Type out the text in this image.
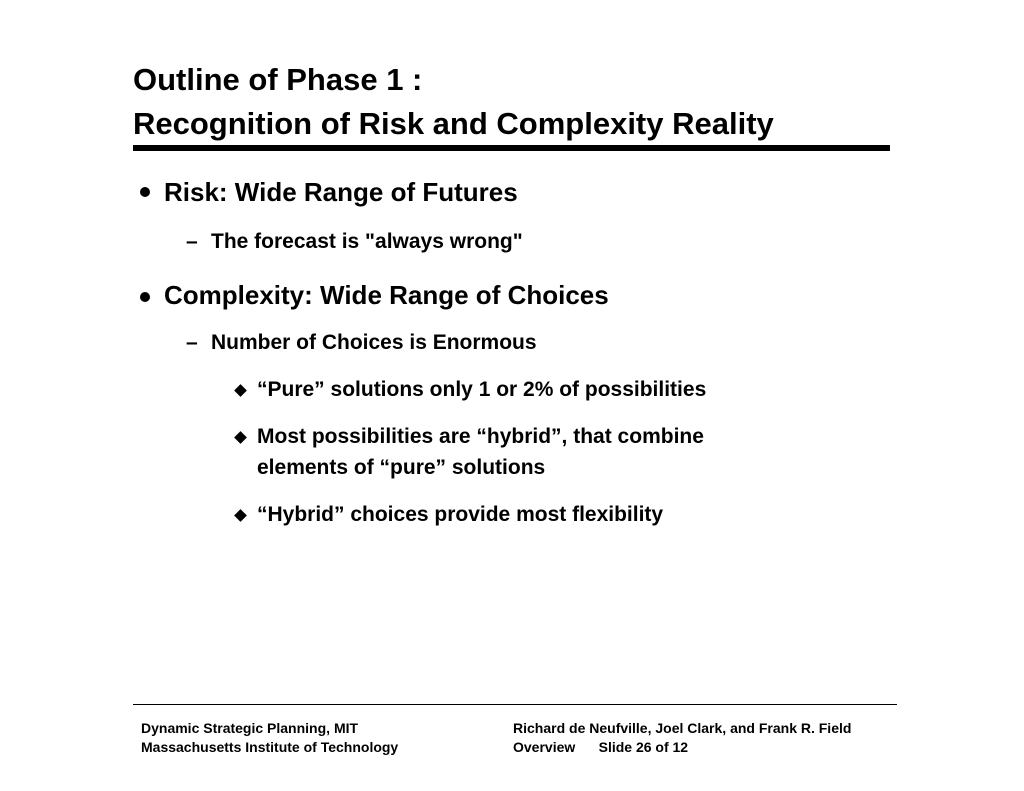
Outline of Phase 1 :
Recognition of Risk and Complexity Reality
Risk: Wide Range of Futures
– The forecast is "always wrong"
Complexity: Wide Range of Choices
– Number of Choices is Enormous
“Pure” solutions only 1 or 2% of possibilities
Most possibilities are “hybrid”, that combine
elements of “pure” solutions
“Hybrid” choices provide most flexibility
Dynamic Strategic Planning, MIT
Massachusetts Institute of Technology
Richard de Neufville, Joel Clark, and Frank R. Field
Overview      Slide 26 of 12
